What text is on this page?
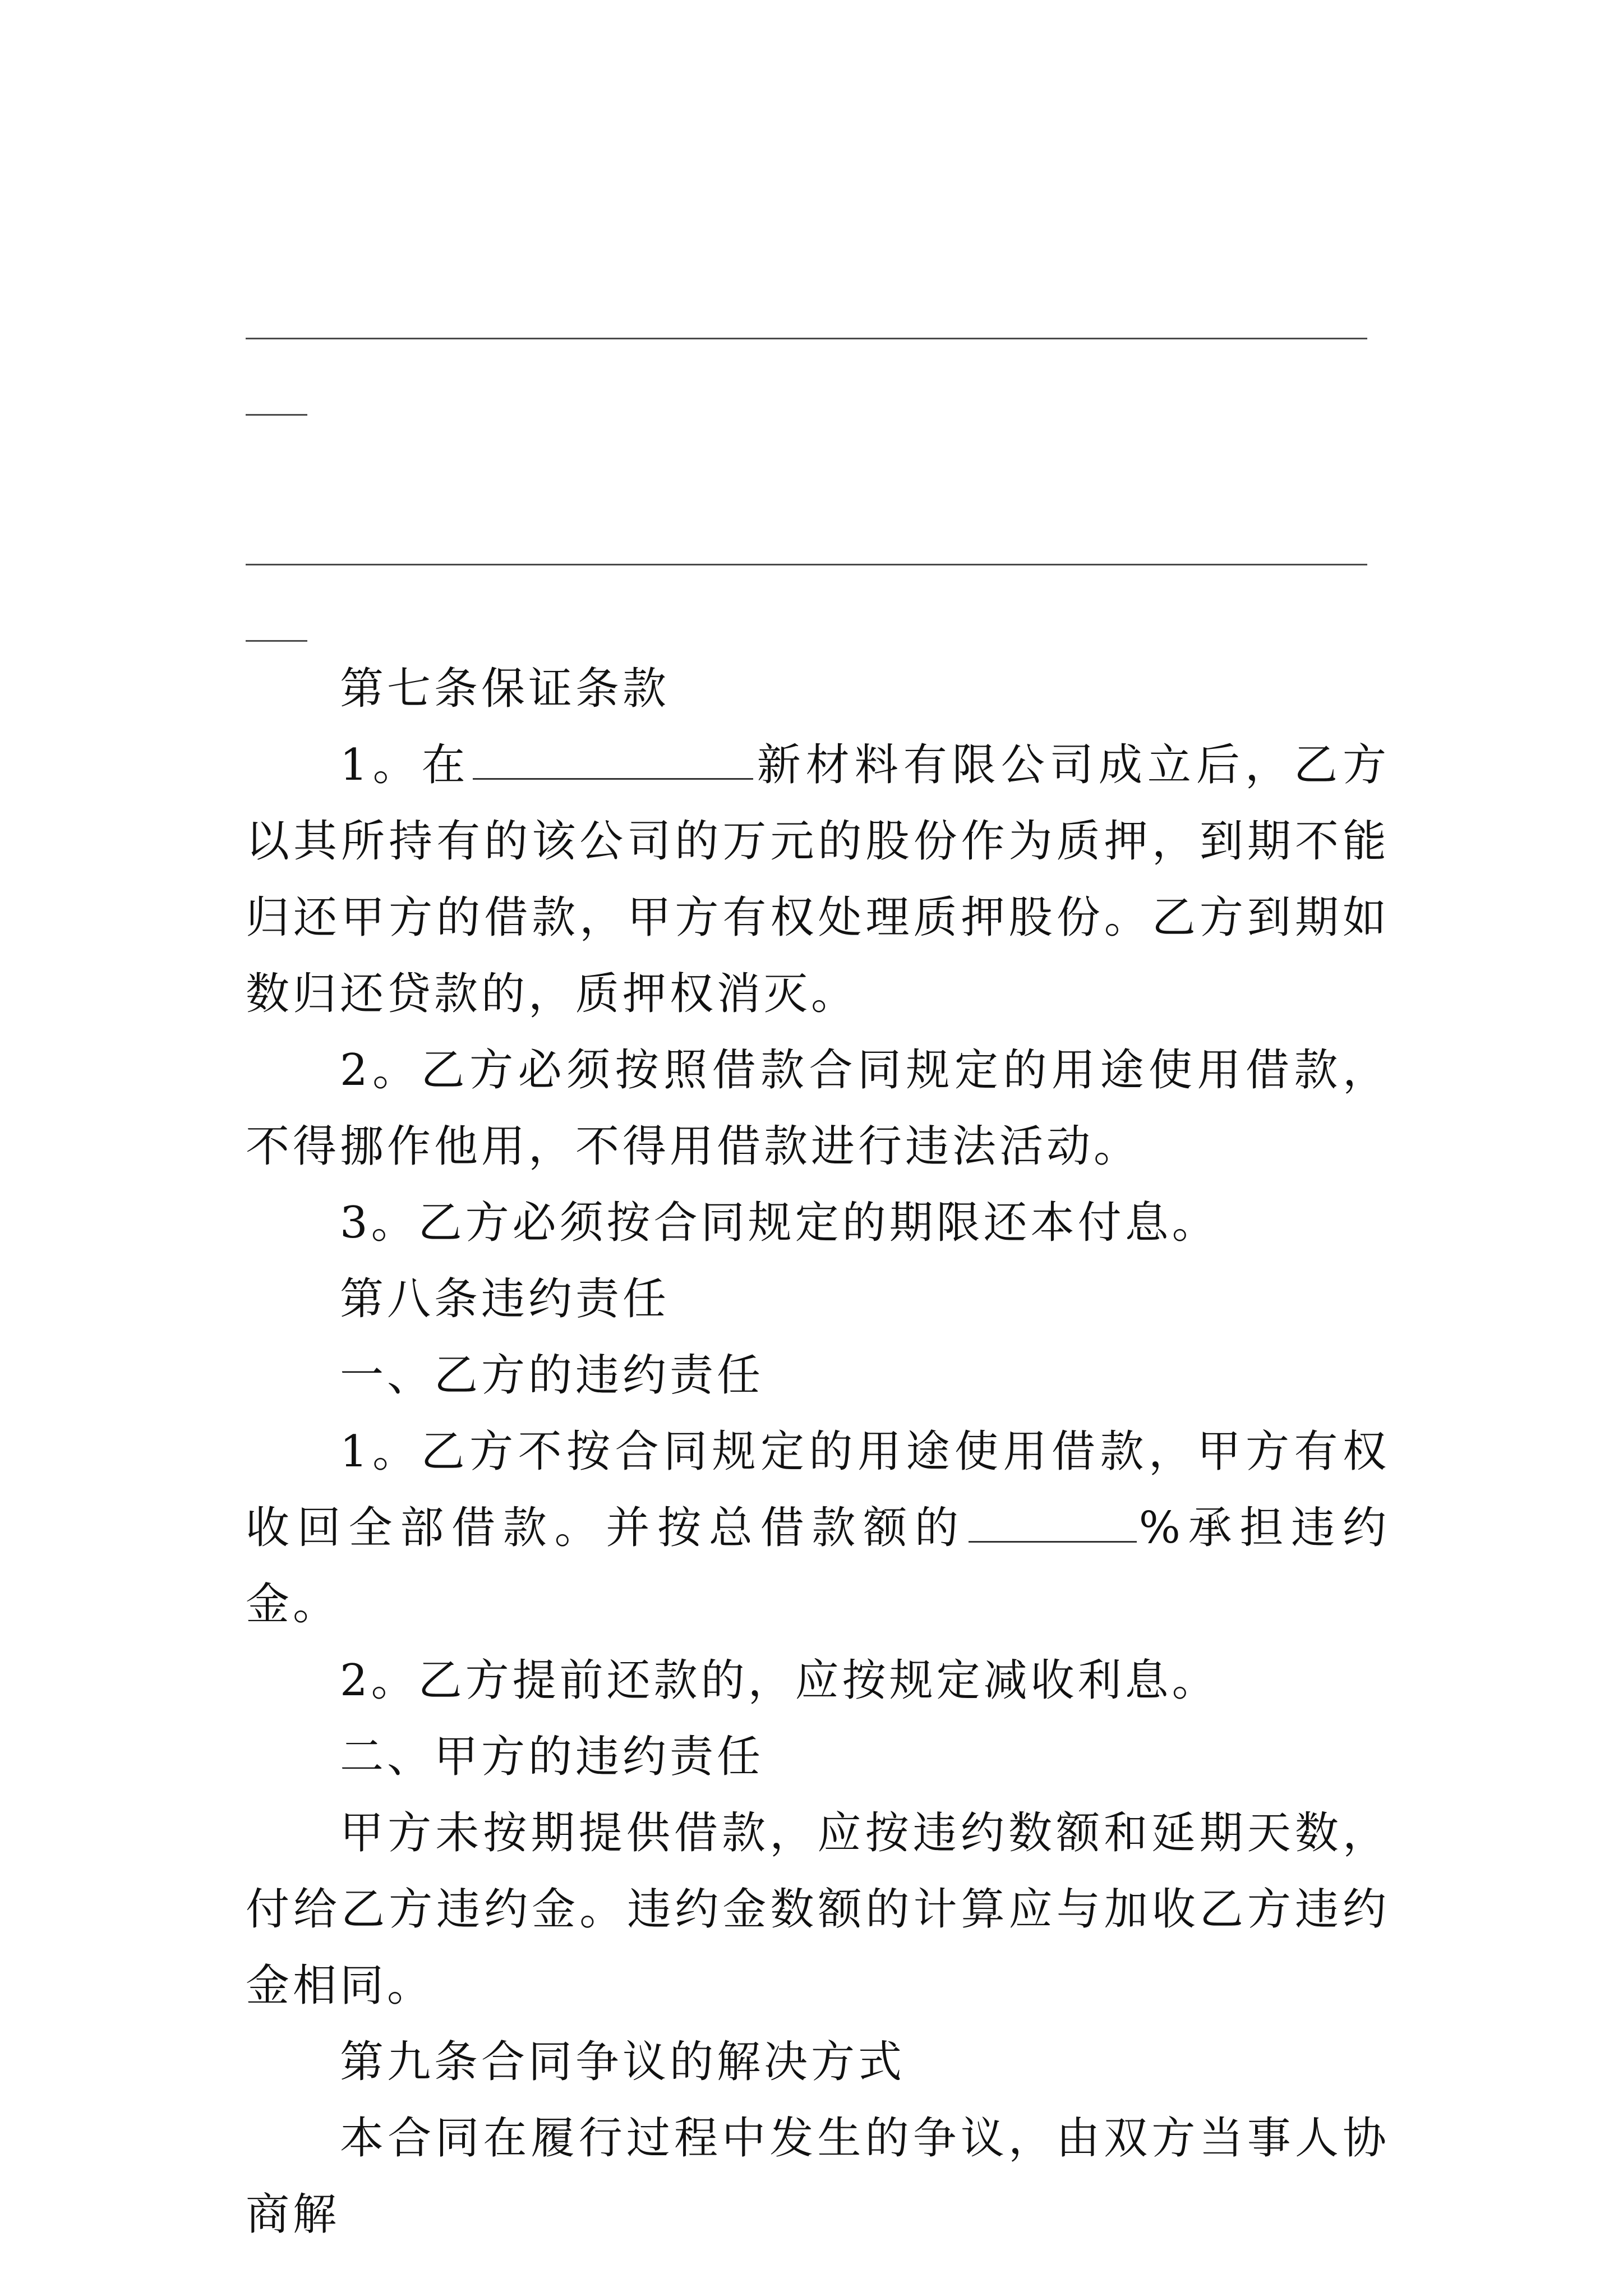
第七条保证条款

1。在	新材料有限公司成立后，乙方以其所持有的该公司的万元的股份作为质押，到期不能归还甲方的借款，甲方有权处理质押股份。乙方到期如数归还贷款的，质押权消灭。

2。乙方必须按照借款合同规定的用途使用借款，不得挪作他用，不得用借款进行违法活动。

3。乙方必须按合同规定的期限还本付息。

第八条违约责任

一、乙方的违约责任

1。乙方不按合同规定的用途使用借款，甲方有权收回全部借款。并按总借款额的	%承担违约金。

2。乙方提前还款的，应按规定减收利息。

二、甲方的违约责任

甲方未按期提供借款，应按违约数额和延期天数，付给乙方违约金。违约金数额的计算应与加收乙方违约金相同。

第九条合同争议的解决方式

本合同在履行过程中发生的争议，由双方当事人协商解
